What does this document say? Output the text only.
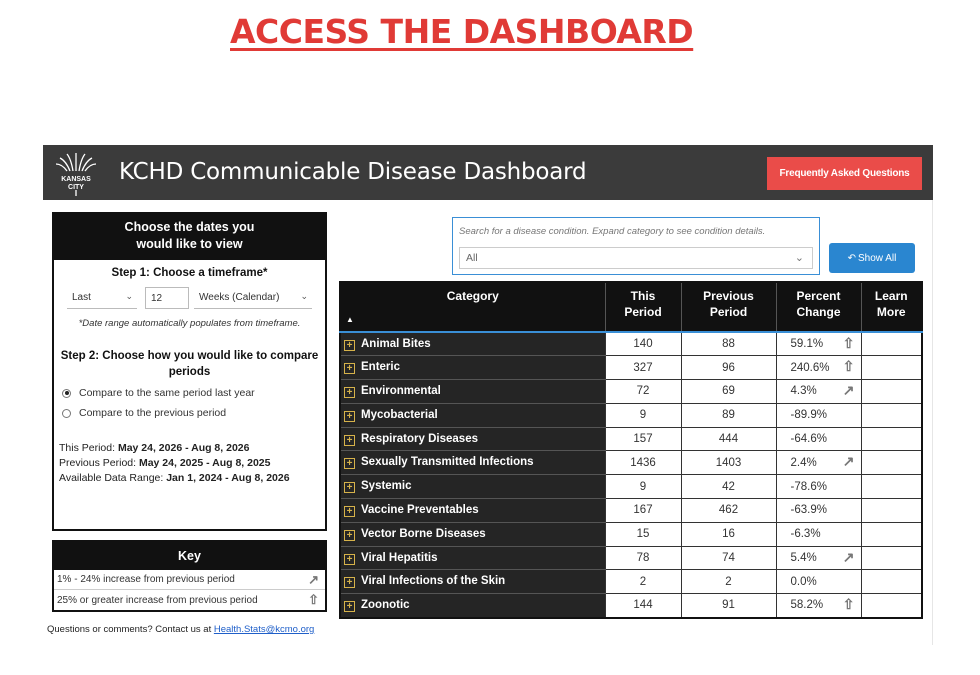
ACCESS THE DASHBOARD
KANSAS
CITY
KCHD Communicable Disease Dashboard	Frequently Asked Questions
Choose the dates you
would like to view
Step 1: Choose a timeframe*
Last	⌄	12	Weeks (Calendar) ⌄
*Date range automatically populates from timeframe.
Step 2: Choose how you would like to compare periods
Compare to the same period last year
Compare to the previous period
This Period: May 24, 2026 - Aug 8, 2026
Previous Period: May 24, 2025 - Aug 8, 2025
Available Data Range: Jan 1, 2024 - Aug 8, 2026
Key
1% - 24% increase from previous period	↗
25% or greater increase from previous period	⇧
Questions or comments? Contact us at Health.Stats@kcmo.org
Search for a disease condition. Expand category to see condition details.
All	⌄	↶ Show All
Category
▲	This Period	Previous Period	Percent Change	Learn More

+ Animal Bites	140	88	59.1% ⇧	

+ Enteric	327	96	240.6% ⇧	

+ Environmental	72	69	4.3% ↗	

+ Mycobacterial	9	89	-89.9%	
+ Respiratory Diseases	157	444	-64.6%	
+ Sexually Transmitted Infections	1436	1403	2.4% ↗	

+ Systemic	9	42	-78.6%	
+ Vaccine Preventables	167	462	-63.9%	
+ Vector Borne Diseases	15	16	-6.3%	
+ Viral Hepatitis	78	74	5.4% ↗	

+ Viral Infections of the Skin	2	2	0.0%	
+ Zoonotic	144	91	58.2% ⇧	
